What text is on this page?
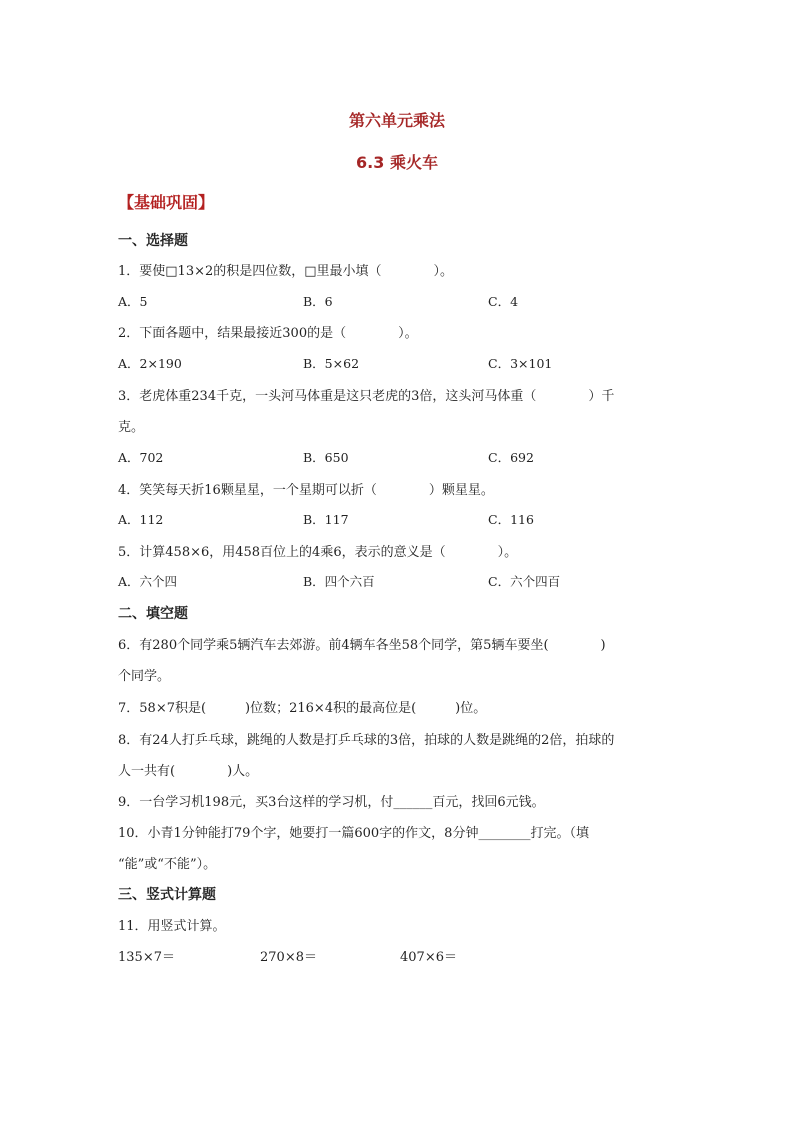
第六单元乘法
6.3 乘火车
【基础巩固】
一、选择题
1．要使□13×2的积是四位数，□里最小填（　　　　）。
A．5	B．6	C．4
2．下面各题中，结果最接近300的是（　　　　）。
A．2×190	B．5×62	C．3×101
3．老虎体重234千克，一头河马体重是这只老虎的3倍，这头河马体重（　　　　）千
克。
A．702	B．650	C．692
4．笑笑每天折16颗星星，一个星期可以折（　　　　）颗星星。
A．112	B．117	C．116
5．计算458×6，用458百位上的4乘6，表示的意义是（　　　　）。
A．六个四	B．四个六百	C．六个四百
二、填空题
6．有280个同学乘5辆汽车去郊游。前4辆车各坐58个同学，第5辆车要坐(　　　　)
个同学。
7．58×7积是(　　　)位数；216×4积的最高位是(　　　)位。
8．有24人打乒乓球，跳绳的人数是打乒乓球的3倍，拍球的人数是跳绳的2倍，拍球的
人一共有(　　　　)人。
9．一台学习机198元，买3台这样的学习机，付______百元，找回6元钱。
10．小青1分钟能打79个字，她要打一篇600字的作文，8分钟________打完。（填
“能”或“不能”）。
三、竖式计算题
11．用竖式计算。
135×7＝	270×8＝	407×6＝
